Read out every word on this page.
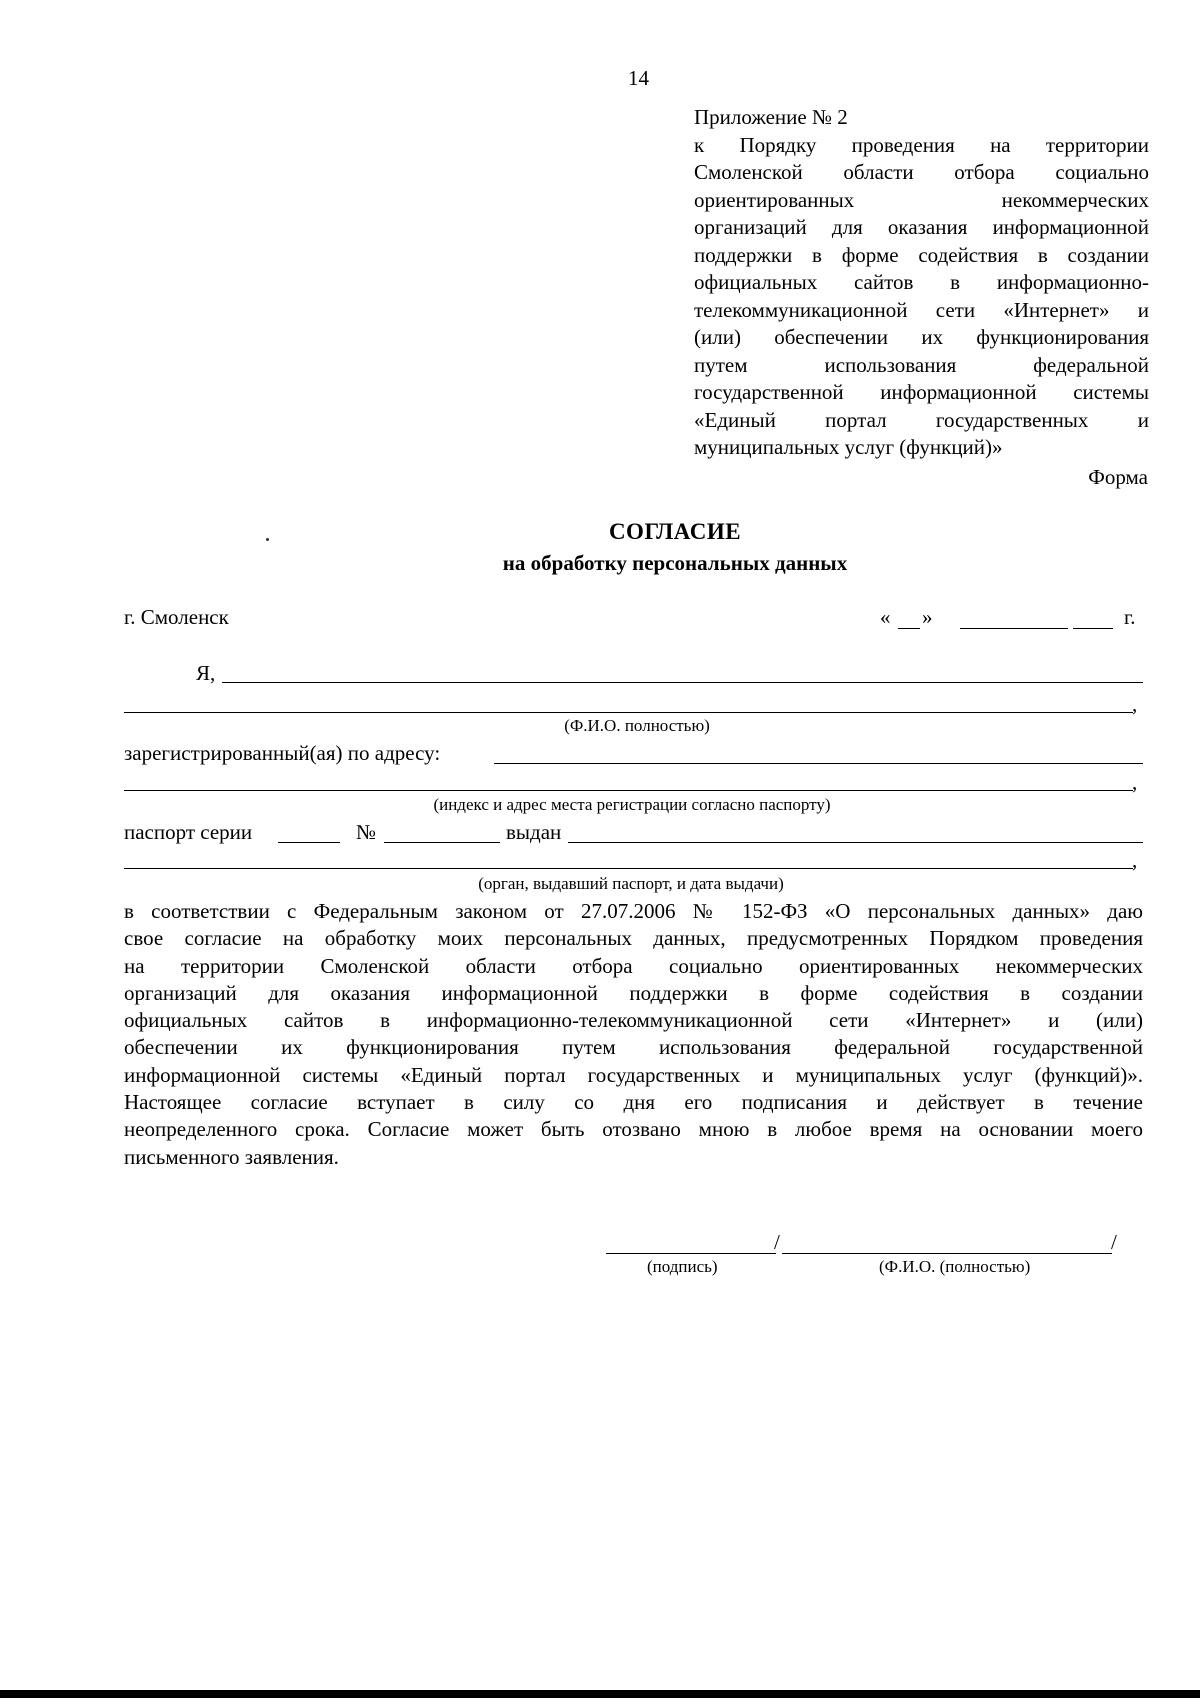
14
Приложение № 2
к Порядку проведения на территории
Смоленской области отбора социально
ориентированных некоммерческих
организаций для оказания информационной
поддержки в форме содействия в создании
официальных сайтов в информационно-
телекоммуникационной сети «Интернет» и
(или) обеспечении их функционирования
путем использования федеральной
государственной информационной системы
«Единый портал государственных и
муниципальных услуг (функций)»
Форма
СОГЛАСИЕ
на обработку персональных данных
г. Смоленск	« »	г.
Я,
,
(Ф.И.О. полностью)
зарегистрированный(ая) по адресу:
,
(индекс и адрес места регистрации согласно паспорту)
паспорт серии	№	выдан
,
(орган, выдавший паспорт, и дата выдачи)
в соответствии с Федеральным законом от 27.07.2006 № 152-ФЗ «О персональных данных» даю
свое согласие на обработку моих персональных данных, предусмотренных Порядком проведения
на территории Смоленской области отбора социально ориентированных некоммерческих
организаций для оказания информационной поддержки в форме содействия в создании
официальных сайтов в информационно-телекоммуникационной сети «Интернет» и (или)
обеспечении их функционирования путем использования федеральной государственной
информационной системы «Единый портал государственных и муниципальных услуг (функций)».
Настоящее согласие вступает в силу со дня его подписания и действует в течение
неопределенного срока. Согласие может быть отозвано мною в любое время на основании моего
письменного заявления.
/	/
(подпись)	(Ф.И.О. (полностью)
